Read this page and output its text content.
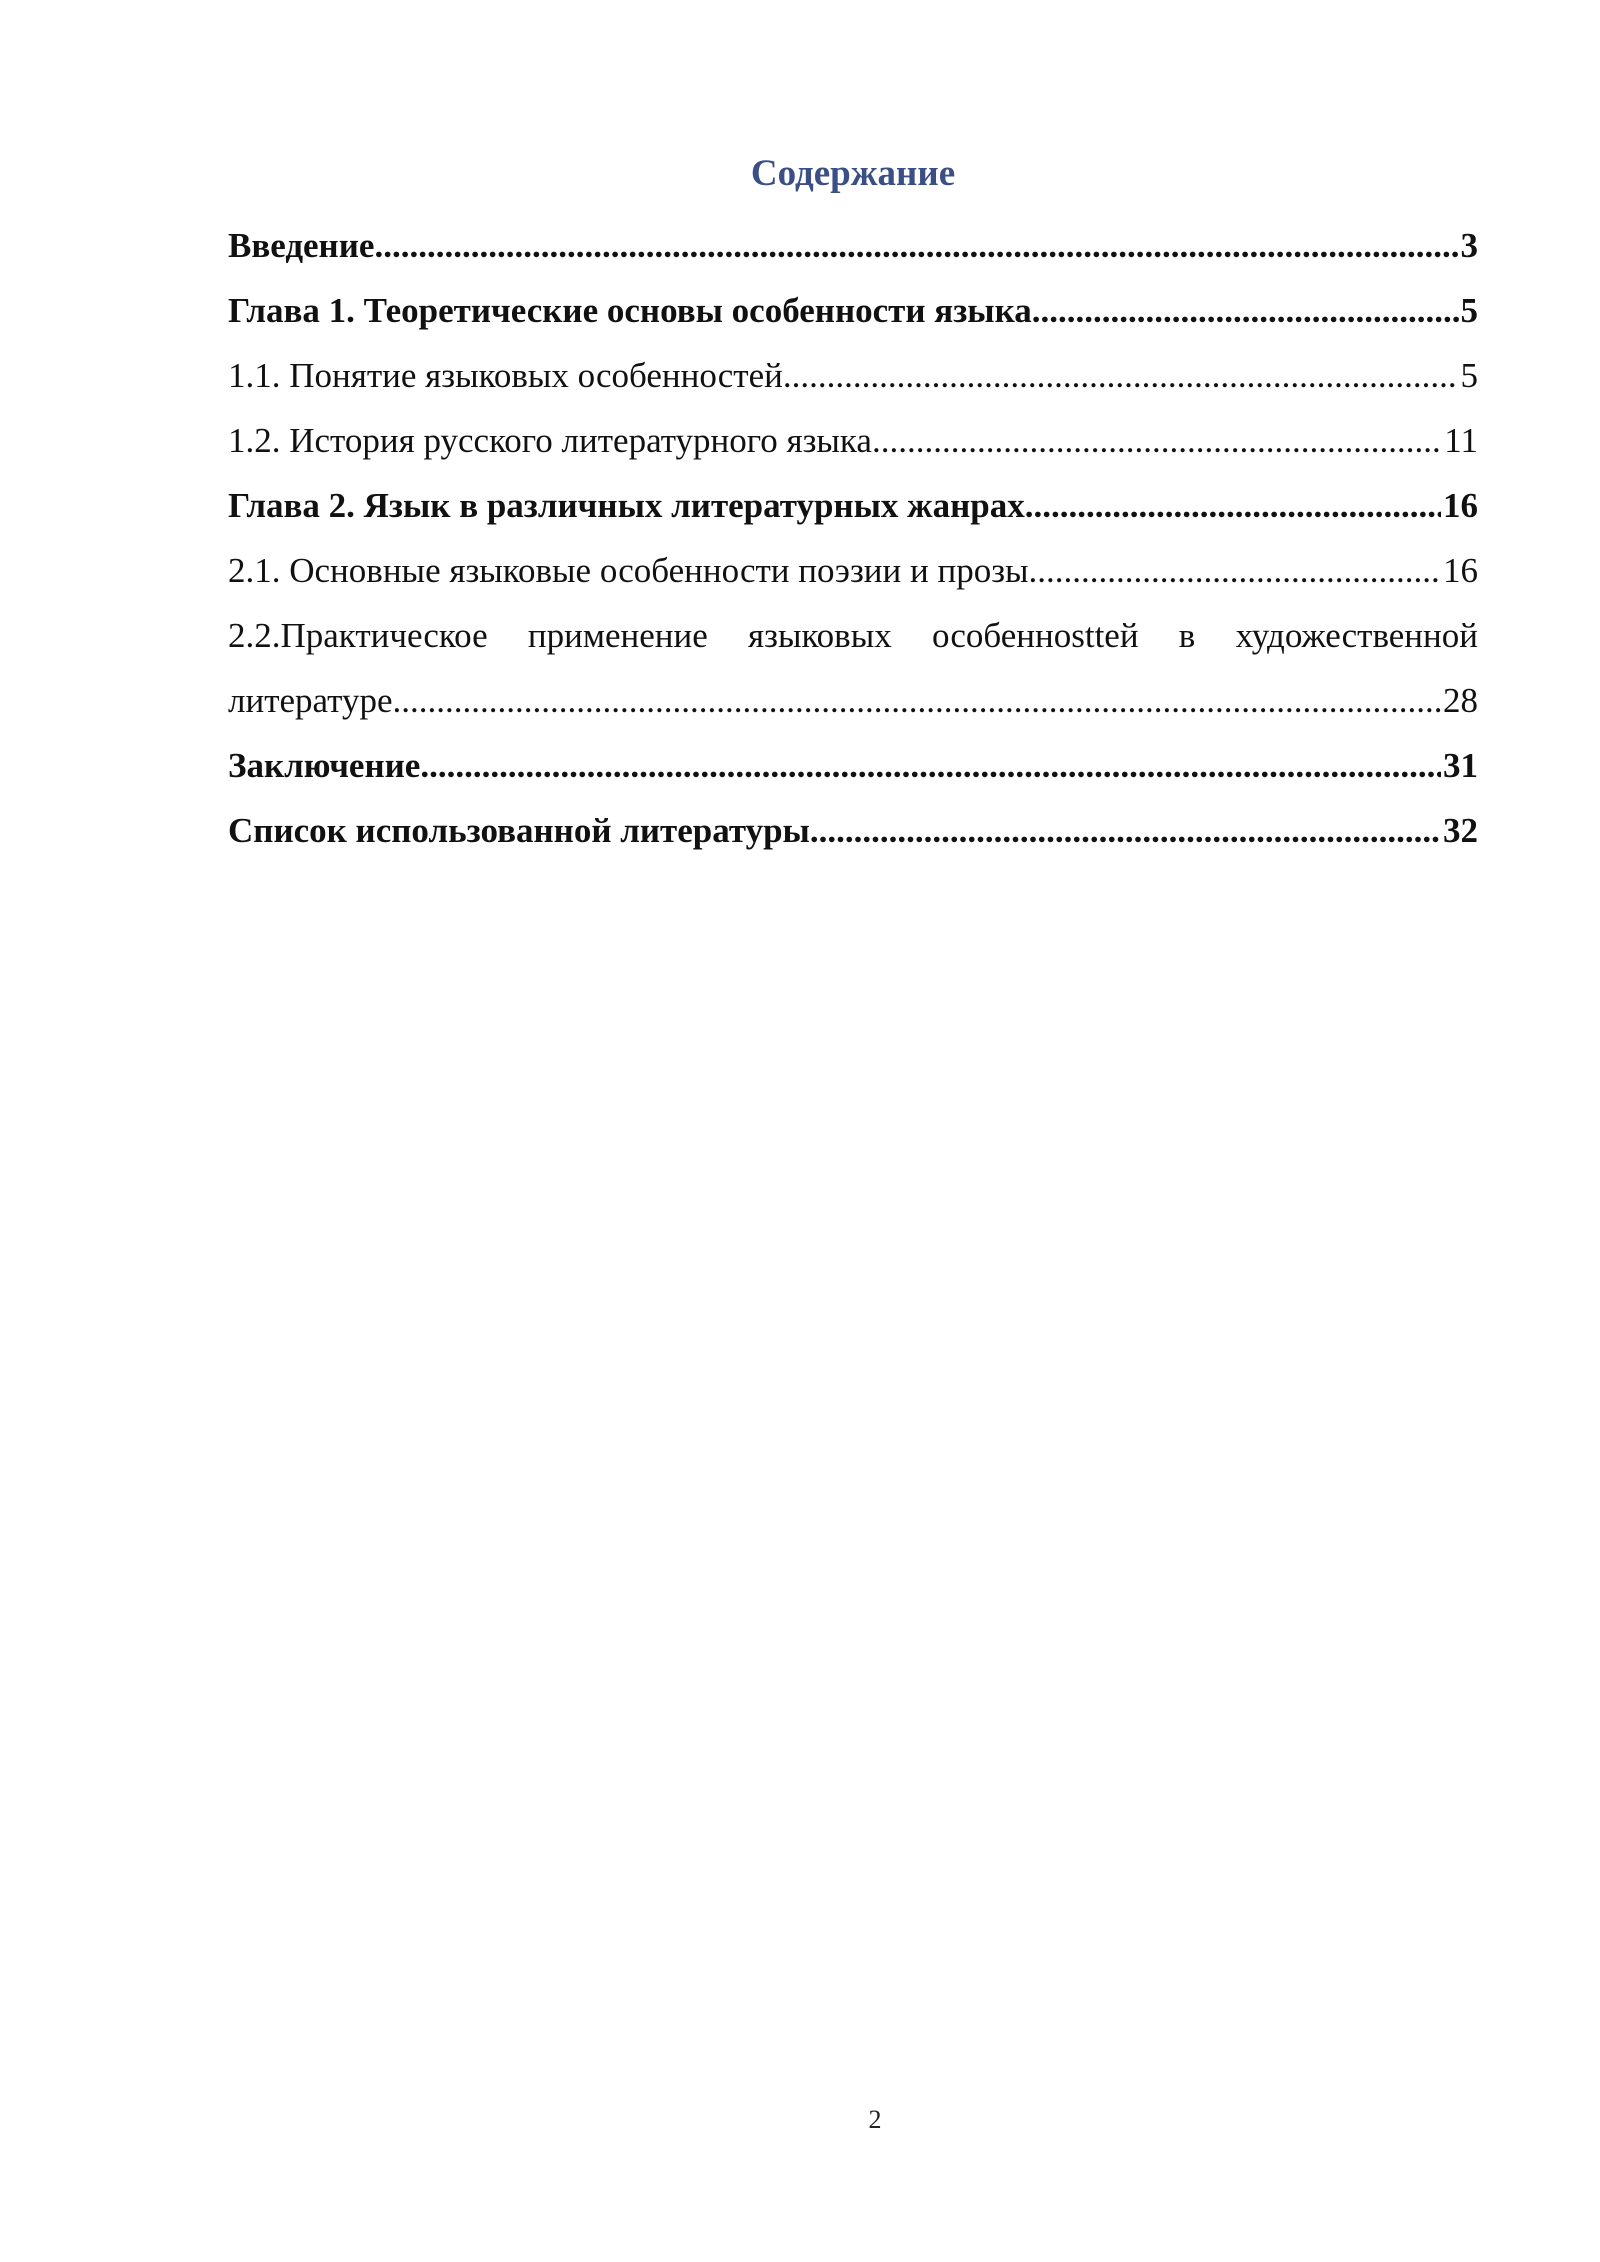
Содержание
Введение .....	3
Глава 1. Теоретические основы особенности языка .....	5
1.1. Понятие языковых особенностей .....	5
1.2. История русского литературного языка .....	11
Глава 2. Язык в различных литературных жанрах .....	16
2.1. Основные языковые особенности поэзии и прозы .....	16
2.2.Практическое применение языковых особеннosttей в художественной
литературе .....	28
Заключение .....	31
Список использованной литературы .....	32
2
